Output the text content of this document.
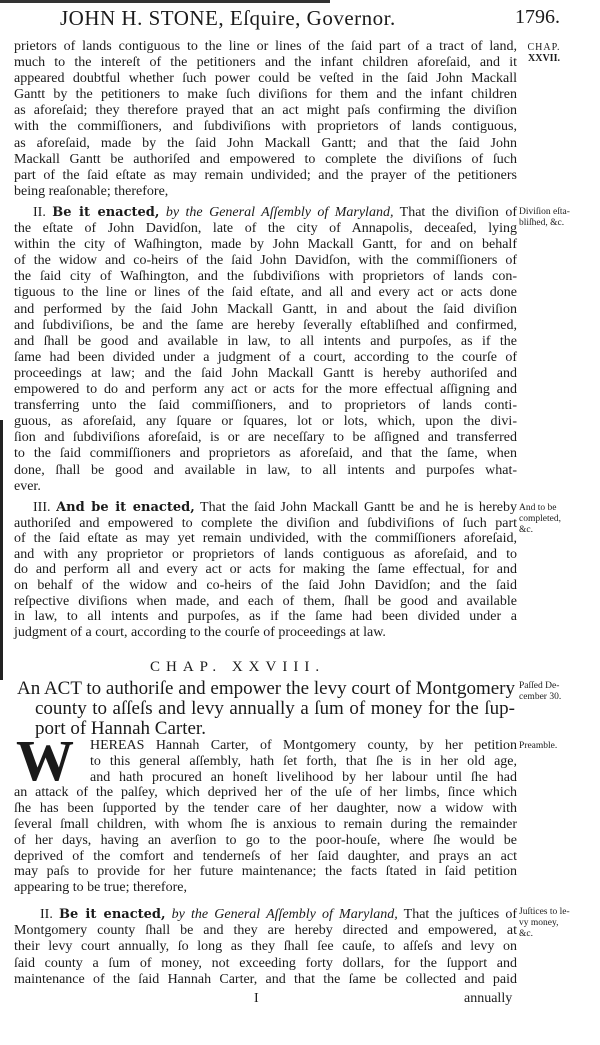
JOHN H. STONE, Eſquire, Governor.	1796.
CHAP.
XXVII.
prietors of lands contiguous to the line or lines of the ſaid part of a tract of land,
much to the intereſt of the petitioners and the infant children aforeſaid, and it
appeared doubtful whether ſuch power could be veſted in the ſaid John Mackall
Gantt by the petitioners to make ſuch diviſions for them and the infant children
as aforeſaid; they therefore prayed that an act might paſs confirming the diviſion
with the commiſſioners, and ſubdiviſions with proprietors of lands contiguous,
as aforeſaid, made by the ſaid John Mackall Gantt; and that the ſaid John
Mackall Gantt be authoriſed and empowered to complete the diviſions of ſuch
part of the ſaid eſtate as may remain undivided; and the prayer of the petitioners
being reaſonable; therefore,
Diviſion eſta-
bliſhed, &c.
II. Be it enacted, by the General Aſſembly of Maryland, That the diviſion of
the eſtate of John Davidſon, late of the city of Annapolis, deceaſed, lying
within the city of Waſhington, made by John Mackall Gantt, for and on behalf
of the widow and co-heirs of the ſaid John Davidſon, with the commiſſioners of
the ſaid city of Waſhington, and the ſubdiviſions with proprietors of lands con-
tiguous to the line or lines of the ſaid eſtate, and all and every act or acts done
and performed by the ſaid John Mackall Gantt, in and about the ſaid diviſion
and ſubdiviſions, be and the ſame are hereby ſeverally eſtabliſhed and confirmed,
and ſhall be good and available in law, to all intents and purpoſes, as if the
ſame had been divided under a judgment of a court, according to the courſe of
proceedings at law; and the ſaid John Mackall Gantt is hereby authoriſed and
empowered to do and perform any act or acts for the more effectual aſſigning and
transferring unto the ſaid commiſſioners, and to proprietors of lands conti-
guous, as aforeſaid, any ſquare or ſquares, lot or lots, which, upon the divi-
ſion and ſubdiviſions aforeſaid, is or are neceſſary to be aſſigned and transferred
to the ſaid commiſſioners and proprietors as aforeſaid, and that the ſame, when
done, ſhall be good and available in law, to all intents and purpoſes what-
ever.
And to be
completed,
&c.
III. And be it enacted, That the ſaid John Mackall Gantt be and he is hereby
authoriſed and empowered to complete the diviſion and ſubdiviſions of ſuch part
of the ſaid eſtate as may yet remain undivided, with the commiſſioners aforeſaid,
and with any proprietor or proprietors of lands contiguous as aforeſaid, and to
do and perform all and every act or acts for making the ſame effectual, for and
on behalf of the widow and co-heirs of the ſaid John Davidſon; and the ſaid
reſpective diviſions when made, and each of them, ſhall be good and available
in law, to all intents and purpoſes, as if the ſame had been divided under a
judgment of a court, according to the courſe of proceedings at law.
CHAP. XXVIII.
Paſſed De-
cember 30.
An ACT to authoriſe and empower the levy court of Montgomery
county to aſſeſs and levy annually a ſum of money for the ſup-
port of Hannah Carter.
Preamble.
W HEREAS Hannah Carter, of Montgomery county, by her petition
to this general aſſembly, hath ſet forth, that ſhe is in her old age,
and hath procured an honeſt livelihood by her labour until ſhe had
an attack of the palſey, which deprived her of the uſe of her limbs, ſince which
ſhe has been ſupported by the tender care of her daughter, now a widow with
ſeveral ſmall children, with whom ſhe is anxious to remain during the remainder
of her days, having an averſion to go to the poor-houſe, where ſhe would be
deprived of the comfort and tenderneſs of her ſaid daughter, and prays an act
may paſs to provide for her future maintenance; the facts ſtated in ſaid petition
appearing to be true; therefore,
Juſtices to le-
vy money,
&c.
II. Be it enacted, by the General Aſſembly of Maryland, That the juſtices of
Montgomery county ſhall be and they are hereby directed and empowered, at
their levy court annually, ſo long as they ſhall ſee cauſe, to aſſeſs and levy on
ſaid county a ſum of money, not exceeding forty dollars, for the ſupport and
maintenance of the ſaid Hannah Carter, and that the ſame be collected and paid
I	annually
